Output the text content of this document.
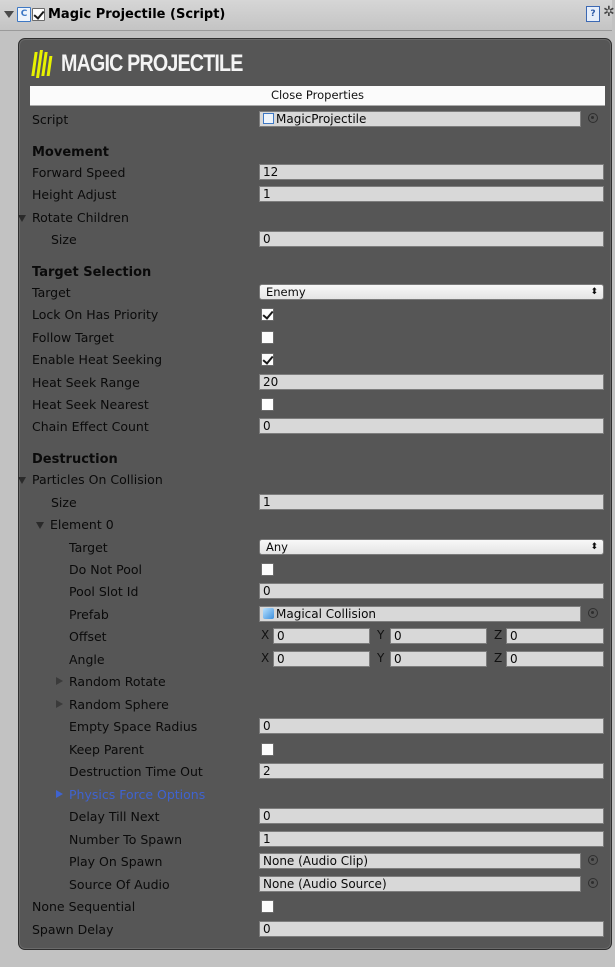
C Magic Projectile (Script)	? ✲
MAGIC PROJECTILE
Close Properties
Script	MagicProjectile
Movement
Forward Speed	12
Height Adjust	1
Rotate Children
Size	0
Target Selection
Target	Enemy	⬍
Lock On Has Priority
Follow Target
Enable Heat Seeking
Heat Seek Range	20
Heat Seek Nearest
Chain Effect Count	0
Destruction
Particles On Collision
Size	1
Element 0
Target	Any	⬍
Do Not Pool
Pool Slot Id	0
Prefab	Magical Collision
Offset	X 0	Y 0	Z 0
Angle	X 0	Y 0	Z 0
Random Rotate
Random Sphere
Empty Space Radius	0
Keep Parent
Destruction Time Out	2
Physics Force Options
Delay Till Next	0
Number To Spawn	1
Play On Spawn	None (Audio Clip)
Source Of Audio	None (Audio Source)
None Sequential
Spawn Delay	0
